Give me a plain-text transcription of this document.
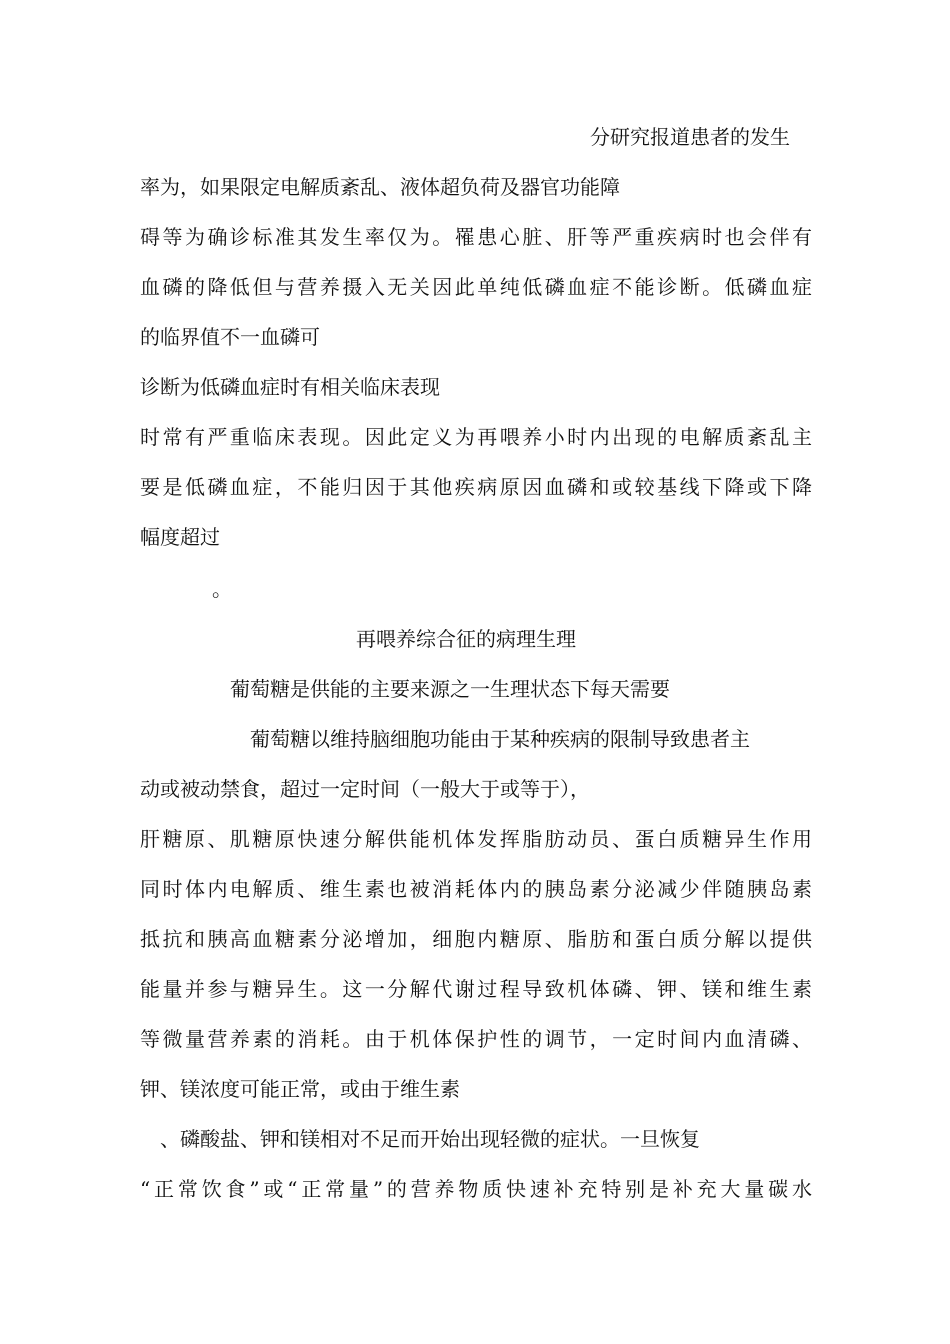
分研究报道患者的发生
率为，如果限定电解质紊乱、液体超负荷及器官功能障
碍等为确诊标准其发生率仅为。罹患心脏、肝等严重疾病时也会伴有
血磷的降低但与营养摄入无关因此单纯低磷血症不能诊断。低磷血症
的临界值不一血磷可
诊断为低磷血症时有相关临床表现
时常有严重临床表现。因此定义为再喂养小时内出现的电解质紊乱主
要是低磷血症，不能归因于其他疾病原因血磷和或较基线下降或下降
幅度超过
。
再喂养综合征的病理生理
葡萄糖是供能的主要来源之一生理状态下每天需要
葡萄糖以维持脑细胞功能由于某种疾病的限制导致患者主
动或被动禁食，超过一定时间（一般大于或等于），
肝糖原、肌糖原快速分解供能机体发挥脂肪动员、蛋白质糖异生作用
同时体内电解质、维生素也被消耗体内的胰岛素分泌减少伴随胰岛素
抵抗和胰高血糖素分泌增加，细胞内糖原、脂肪和蛋白质分解以提供
能量并参与糖异生。这一分解代谢过程导致机体磷、钾、镁和维生素
等微量营养素的消耗。由于机体保护性的调节，一定时间内血清磷、
钾、镁浓度可能正常，或由于维生素
、磷酸盐、钾和镁相对不足而开始出现轻微的症状。一旦恢复
“正常饮食”或“正常量”的营养物质快速补充特别是补充大量碳水
